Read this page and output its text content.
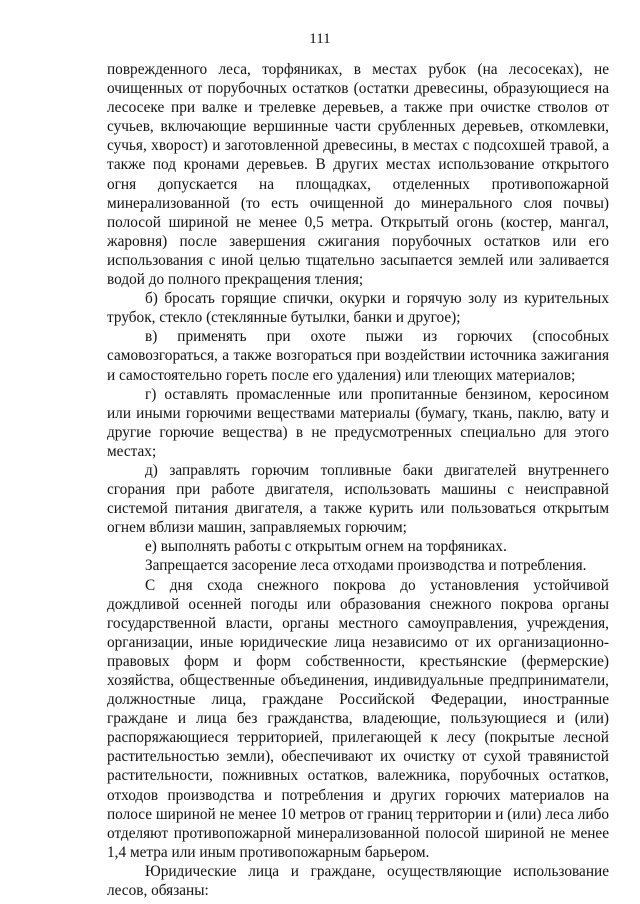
111

поврежденного леса, торфяниках, в местах рубок (на лесосеках), не очищенных от порубочных остатков (остатки древесины, образующиеся на лесосеке при валке и трелевке деревьев, а также при очистке стволов от сучьев, включающие вершинные части срубленных деревьев, откомлевки, сучья, хворост) и заготовленной древесины, в местах с подсохшей травой, а также под кронами деревьев. В других местах использование открытого огня допускается на площадках, отделенных противопожарной минерализованной (то есть очищенной до минерального слоя почвы) полосой шириной не менее 0,5 метра. Открытый огонь (костер, мангал, жаровня) после завершения сжигания порубочных остатков или его использования с иной целью тщательно засыпается землей или заливается водой до полного прекращения тления;

б) бросать горящие спички, окурки и горячую золу из курительных трубок, стекло (стеклянные бутылки, банки и другое);

в) применять при охоте пыжи из горючих (способных самовозгораться, а также возгораться при воздействии источника зажигания и самостоятельно гореть после его удаления) или тлеющих материалов;

г) оставлять промасленные или пропитанные бензином, керосином или иными горючими веществами материалы (бумагу, ткань, паклю, вату и другие горючие вещества) в не предусмотренных специально для этого местах;

д) заправлять горючим топливные баки двигателей внутреннего сгорания при работе двигателя, использовать машины с неисправной системой питания двигателя, а также курить или пользоваться открытым огнем вблизи машин, заправляемых горючим;

е) выполнять работы с открытым огнем на торфяниках.

Запрещается засорение леса отходами производства и потребления.

С дня схода снежного покрова до установления устойчивой дождливой осенней погоды или образования снежного покрова органы государственной власти, органы местного самоуправления, учреждения, организации, иные юридические лица независимо от их организационно-правовых форм и форм собственности, крестьянские (фермерские) хозяйства, общественные объединения, индивидуальные предприниматели, должностные лица, граждане Российской Федерации, иностранные граждане и лица без гражданства, владеющие, пользующиеся и (или) распоряжающиеся территорией, прилегающей к лесу (покрытые лесной растительностью земли), обеспечивают их очистку от сухой травянистой растительности, пожнивных остатков, валежника, порубочных остатков, отходов производства и потребления и других горючих материалов на полосе шириной не менее 10 метров от границ территории и (или) леса либо отделяют противопожарной минерализованной полосой шириной не менее 1,4 метра или иным противопожарным барьером.

Юридические лица и граждане, осуществляющие использование лесов, обязаны:
